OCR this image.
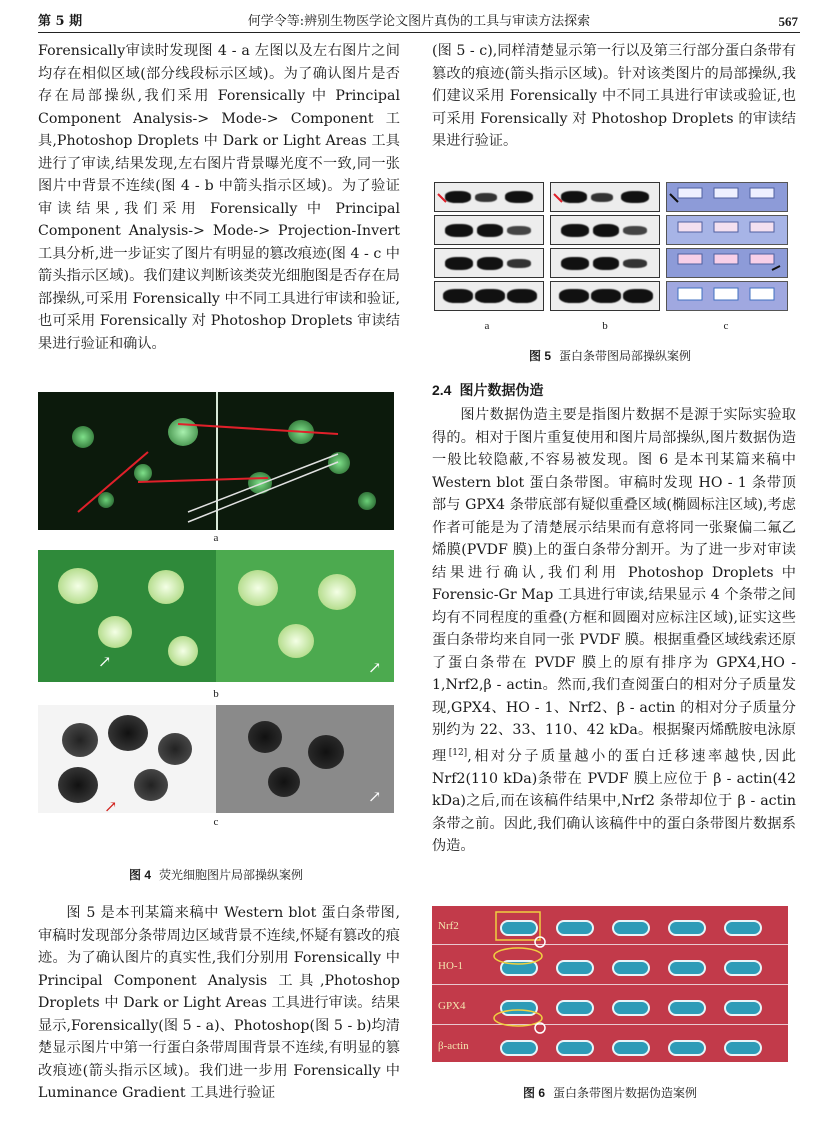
第 5 期	何学令等:辨别生物医学论文图片真伪的工具与审读方法探索	567

Forensically审读时发现图 4 - a 左图以及左右图片之间均存在相似区域(部分线段标示区域)。为了确认图片是否存在局部操纵,我们采用 Forensically 中 Principal Component Analysis-> Mode-> Component 工具,Photoshop Droplets 中 Dark or Light Areas 工具进行了审读,结果发现,左右图片背景曝光度不一致,同一张图片中背景不连续(图 4 - b 中箭头指示区域)。为了验证审读结果,我们采用 Forensically 中 Principal Component Analysis-> Mode-> Projection-Invert 工具分析,进一步证实了图片有明显的篡改痕迹(图 4 - c 中箭头指示区域)。我们建议判断该类荧光细胞图是否存在局部操纵,可采用 Forensically 中不同工具进行审读和验证,也可采用 Forensically 对 Photoshop Droplets 审读结果进行验证和确认。

a
↗	↗
b
↗
↗
c
图 4 荧光细胞图片局部操纵案例

图 5 是本刊某篇来稿中 Western blot 蛋白条带图,审稿时发现部分条带周边区域背景不连续,怀疑有篡改的痕迹。为了确认图片的真实性,我们分别用 Forensically 中 Principal Component Analysis 工具,Photoshop Droplets 中 Dark or Light Areas 工具进行审读。结果显示,Forensically(图 5 - a)、Photoshop(图 5 - b)均清楚显示图片中第一行蛋白条带周围背景不连续,有明显的篡改痕迹(箭头指示区域)。我们进一步用 Forensically 中 Luminance Gradient 工具进行验证

(图 5 - c),同样清楚显示第一行以及第三行部分蛋白条带有篡改的痕迹(箭头指示区域)。针对该类图片的局部操纵,我们建议采用 Forensically 中不同工具进行审读或验证,也可采用 Forensically 对 Photoshop Droplets 的审读结果进行验证。

a	b	c
图 5 蛋白条带图局部操纵案例
2.4 图片数据伪造

图片数据伪造主要是指图片数据不是源于实际实验取得的。相对于图片重复使用和图片局部操纵,图片数据伪造一般比较隐蔽,不容易被发现。图 6 是本刊某篇来稿中 Western blot 蛋白条带图。审稿时发现 HO - 1 条带顶部与 GPX4 条带底部有疑似重叠区域(椭圆标注区域),考虑作者可能是为了清楚展示结果而有意将同一张聚偏二氟乙烯膜(PVDF 膜)上的蛋白条带分割开。为了进一步对审读结果进行确认,我们利用 Photoshop Droplets 中 Forensic-Gr Map 工具进行审读,结果显示 4 个条带之间均有不同程度的重叠(方框和圆圈对应标注区域),证实这些蛋白条带均来自同一张 PVDF 膜。根据重叠区域线索还原了蛋白条带在 PVDF 膜上的原有排序为 GPX4,HO - 1,Nrf2,β - actin。然而,我们查阅蛋白的相对分子质量发现,GPX4、HO - 1、Nrf2、β - actin 的相对分子质量分别约为 22、33、110、42 kDa。根据聚丙烯酰胺电泳原理[12],相对分子质量越小的蛋白迁移速率越快,因此 Nrf2(110 kDa)条带在 PVDF 膜上应位于 β - actin(42 kDa)之后,而在该稿件结果中,Nrf2 条带却位于 β - actin 条带之前。因此,我们确认该稿件中的蛋白条带图片数据系伪造。

Nrf2
HO-1
GPX4
β-actin
图 6 蛋白条带图片数据伪造案例
